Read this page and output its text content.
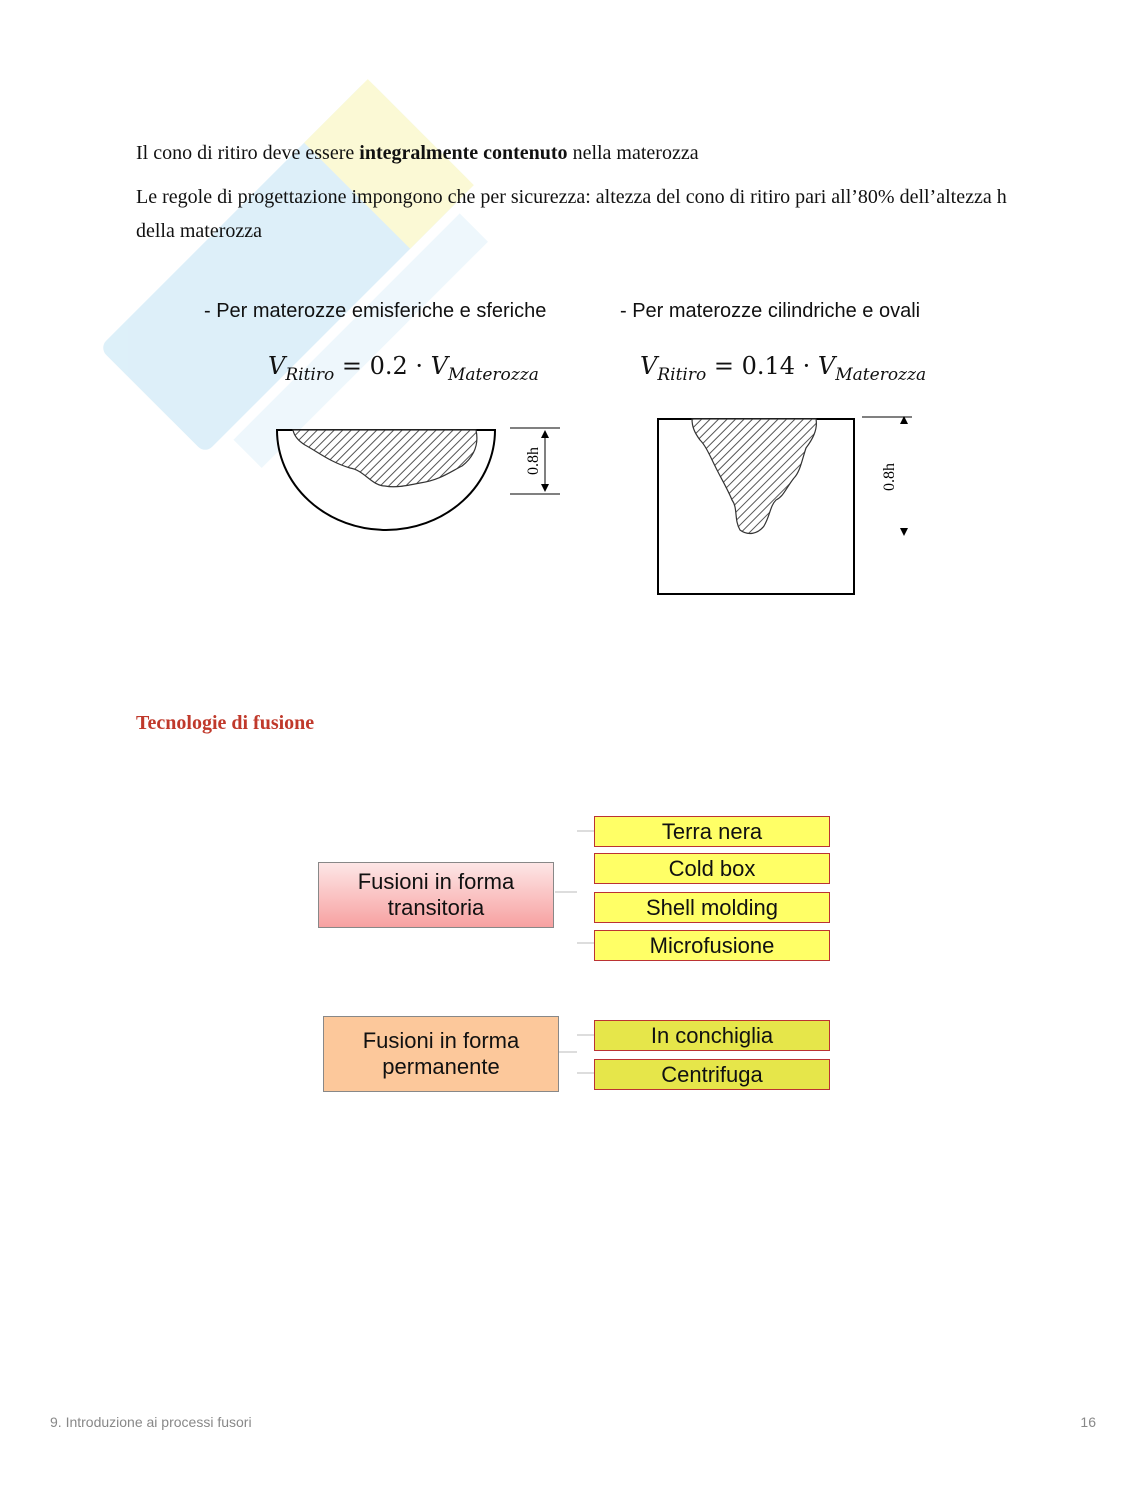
Il cono di ritiro deve essere integralmente contenuto nella materozza

Le regole di progettazione impongono che per sicurezza: altezza del cono di ritiro pari all’80% dell’altezza h della materozza

- Per materozze emisferiche e sferiche	- Per materozze cilindriche e ovali
$V_{Ritiro} = 0.2 \cdot V_{Materozza}$	$V_{Ritiro} = 0.14 \cdot V_{Materozza}$
0.8h
0.8h
Tecnologie di fusione
Fusioni in forma transitoria
Terra nera
Cold box
Shell molding
Microfusione
Fusioni in forma permanente
In conchiglia
Centrifuga
9. Introduzione ai processi fusori	16
